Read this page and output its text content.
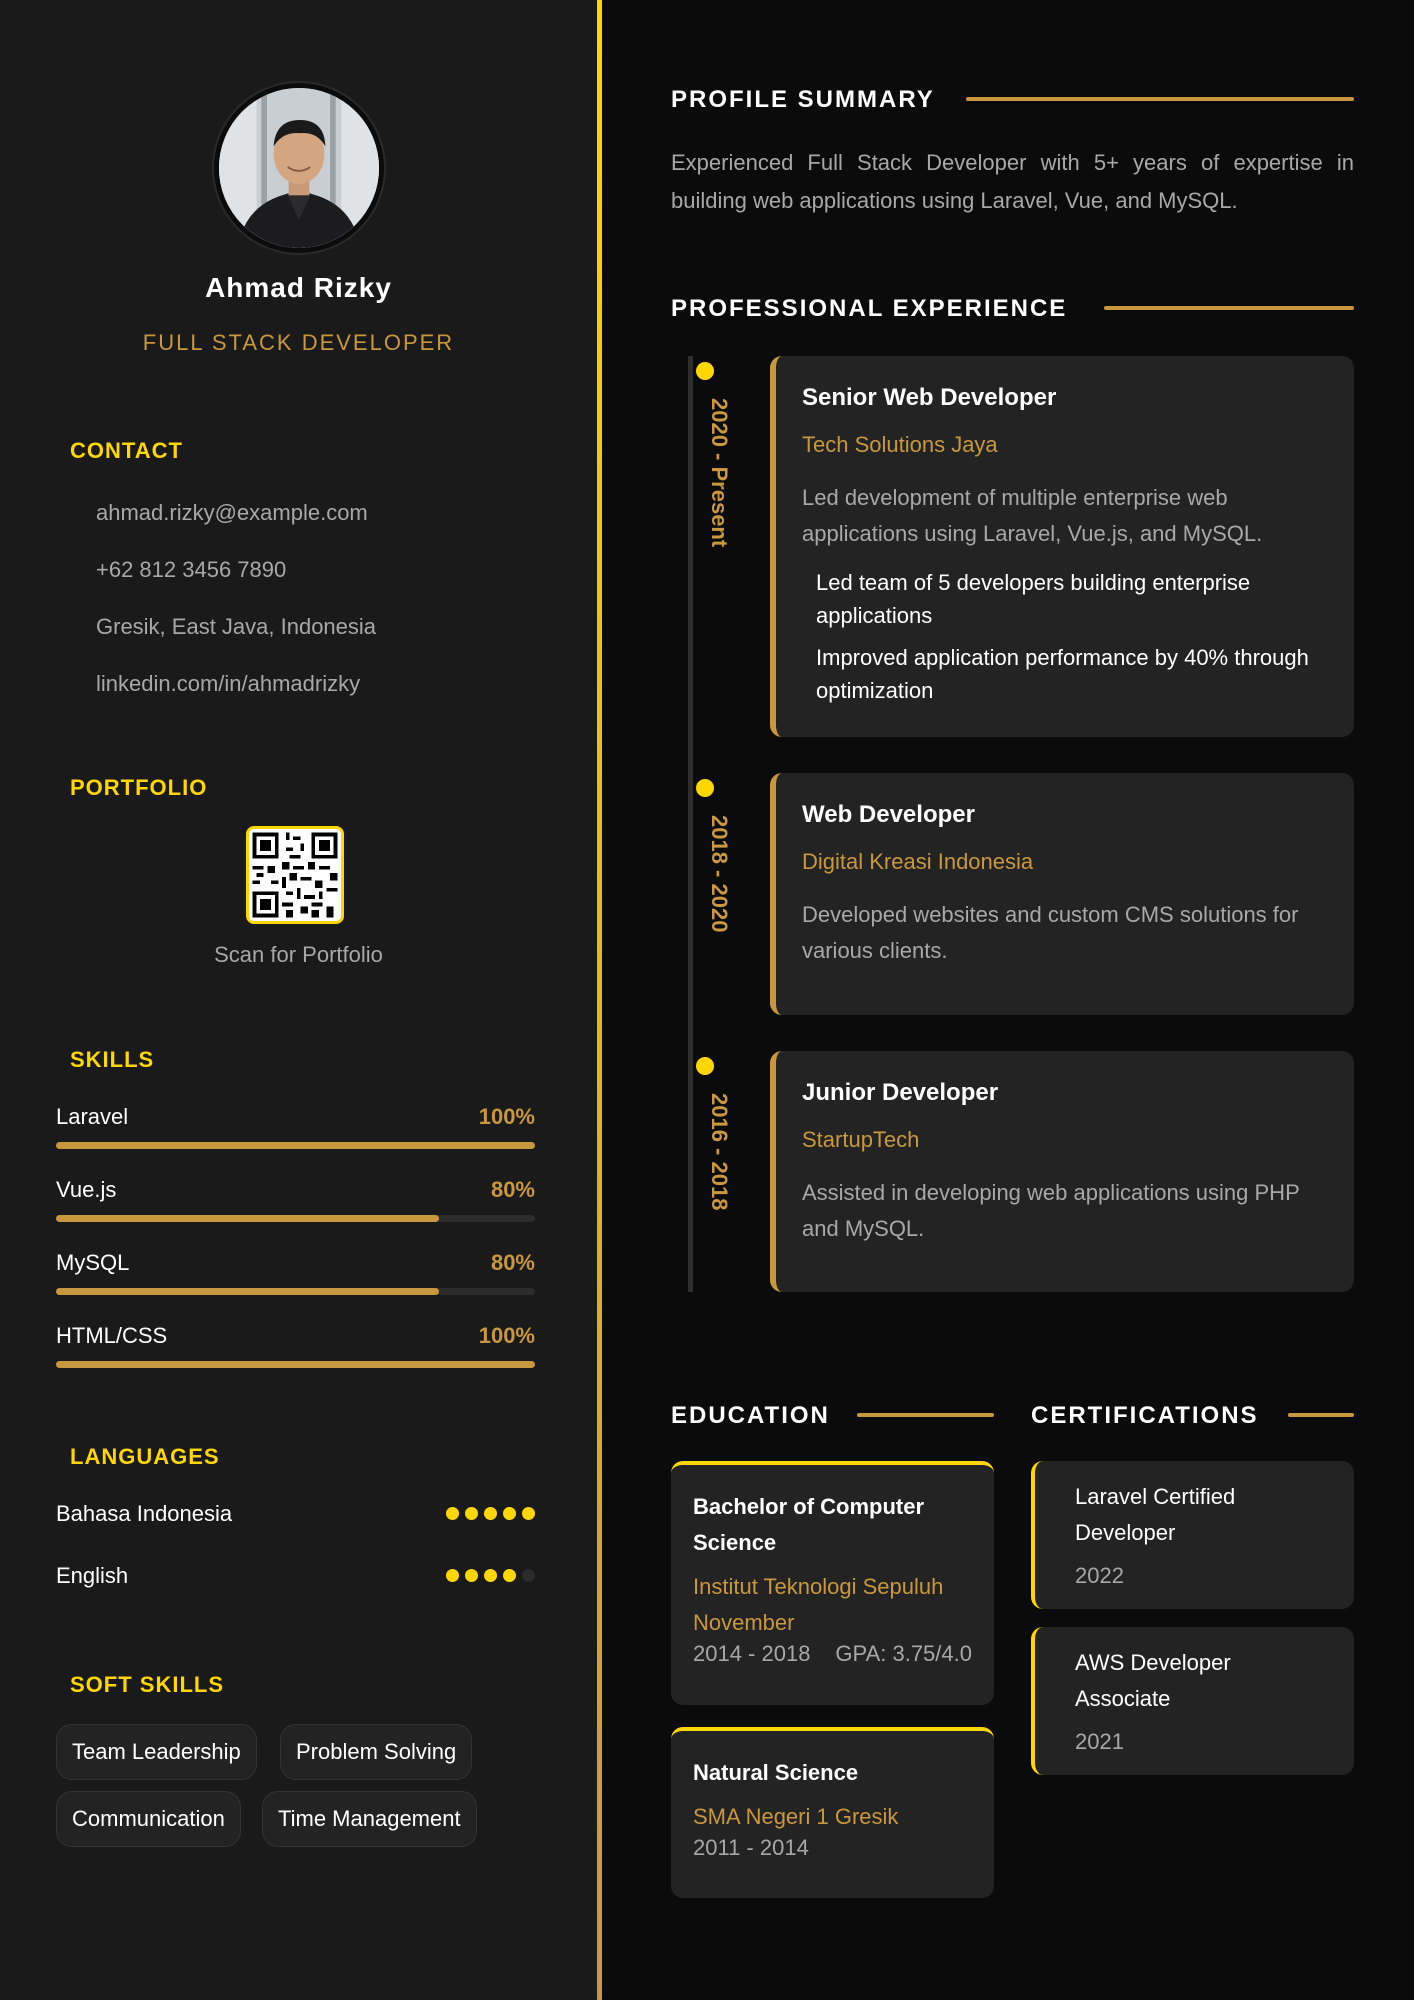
Ahmad Rizky
FULL STACK DEVELOPER
CONTACT
ahmad.rizky@example.com
+62 812 3456 7890
Gresik, East Java, Indonesia
linkedin.com/in/ahmadrizky
PORTFOLIO
Scan for Portfolio
SKILLS
Laravel	100%
Vue.js	80%
MySQL	80%
HTML/CSS	100%
LANGUAGES
Bahasa Indonesia
English
SOFT SKILLS
Team Leadership	Problem Solving
Communication	Time Management
PROFILE SUMMARY
Experienced Full Stack Developer with 5+ years of expertise in building web applications using Laravel, Vue, and MySQL.
PROFESSIONAL EXPERIENCE
2020 - Present
Senior Web Developer
Tech Solutions Jaya
Led development of multiple enterprise web applications using Laravel, Vue.js, and MySQL.
Led team of 5 developers building enterprise applications
Improved application performance by 40% through optimization
2018 - 2020
Web Developer
Digital Kreasi Indonesia
Developed websites and custom CMS solutions for various clients.
2016 - 2018
Junior Developer
StartupTech
Assisted in developing web applications using PHP and MySQL.
EDUCATION
Bachelor of Computer Science
Institut Teknologi Sepuluh November
2014 - 2018 GPA: 3.75/4.0
Natural Science
SMA Negeri 1 Gresik
2011 - 2014
CERTIFICATIONS
Laravel Certified Developer
2022
AWS Developer Associate
2021
